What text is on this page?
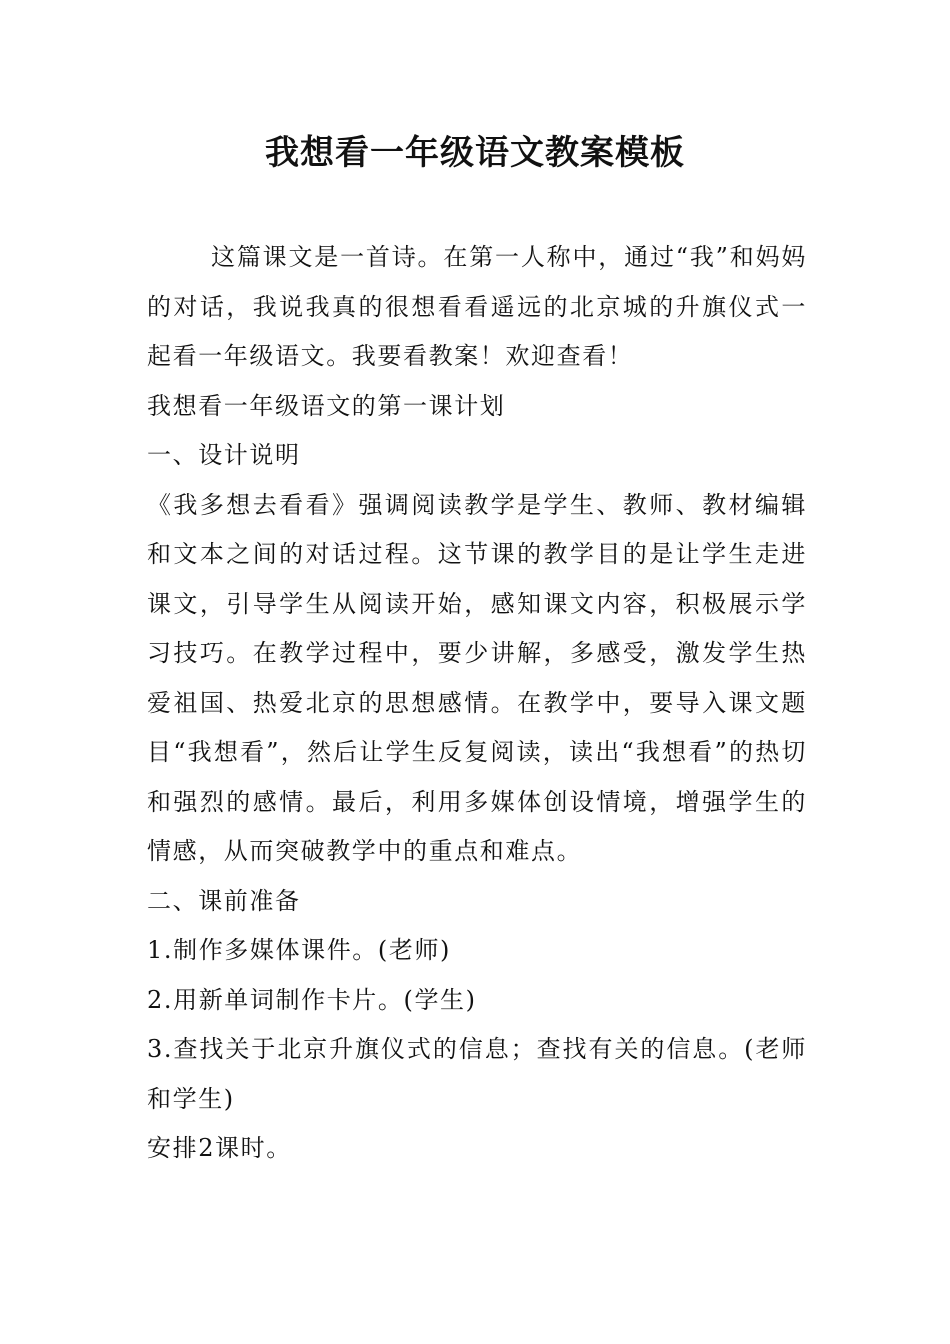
我想看一年级语文教案模板

这篇课文是一首诗。在第一人称中，通过“我”和妈妈的对话，我说我真的很想看看遥远的北京城的升旗仪式一起看一年级语文。我要看教案！欢迎查看！

我想看一年级语文的第一课计划

一、设计说明

《我多想去看看》强调阅读教学是学生、教师、教材编辑和文本之间的对话过程。这节课的教学目的是让学生走进课文，引导学生从阅读开始，感知课文内容，积极展示学习技巧。在教学过程中，要少讲解，多感受，激发学生热爱祖国、热爱北京的思想感情。在教学中，要导入课文题目“我想看”，然后让学生反复阅读，读出“我想看”的热切和强烈的感情。最后，利用多媒体创设情境，增强学生的情感，从而突破教学中的重点和难点。

二、课前准备

1.制作多媒体课件。(老师)

2.用新单词制作卡片。(学生)

3.查找关于北京升旗仪式的信息；查找有关的信息。(老师和学生)

安排2课时。
